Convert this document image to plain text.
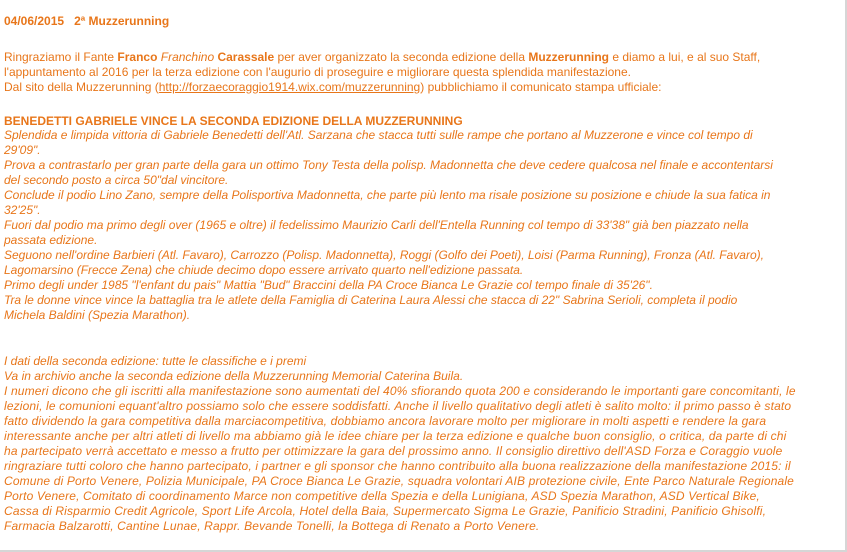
04/06/2015 2ª Muzzerunning
Ringraziamo il Fante Franco Franchino Carassale per aver organizzato la seconda edizione della Muzzerunning e diamo a lui, e al suo Staff,
l'appuntamento al 2016 per la terza edizione con l'augurio di proseguire e migliorare questa splendida manifestazione.
Dal sito della Muzzerunning (http://forzaecoraggio1914.wix.com/muzzerunning) pubblichiamo il comunicato stampa ufficiale:
BENEDETTI GABRIELE VINCE LA SECONDA EDIZIONE DELLA MUZZERUNNING

Splendida e limpida vittoria di Gabriele Benedetti dell'Atl. Sarzana che stacca tutti sulle rampe che portano al Muzzerone e vince col tempo di

29'09".

Prova a contrastarlo per gran parte della gara un ottimo Tony Testa della polisp. Madonnetta che deve cedere qualcosa nel finale e accontentarsi

del secondo posto a circa 50"dal vincitore.

Conclude il podio Lino Zano, sempre della Polisportiva Madonnetta, che parte più lento ma risale posizione su posizione e chiude la sua fatica in

32'25".

Fuori dal podio ma primo degli over (1965 e oltre) il fedelissimo Maurizio Carli dell'Entella Running col tempo di 33'38" già ben piazzato nella

passata edizione.

Seguono nell'ordine Barbieri (Atl. Favaro), Carrozzo (Polisp. Madonnetta), Roggi (Golfo dei Poeti), Loisi (Parma Running), Fronza (Atl. Favaro),

Lagomarsino (Frecce Zena) che chiude decimo dopo essere arrivato quarto nell'edizione passata.

Primo degli under 1985 "l'enfant du pais" Mattia "Bud" Braccini della PA Croce Bianca Le Grazie col tempo finale di 35'26".

Tra le donne vince vince la battaglia tra le atlete della Famiglia di Caterina Laura Alessi che stacca di 22" Sabrina Serioli, completa il podio

Michela Baldini (Spezia Marathon).

I dati della seconda edizione: tutte le classifiche e i premi

Va in archivio anche la seconda edizione della Muzzerunning Memorial Caterina Buila.

I numeri dicono che gli iscritti alla manifestazione sono aumentati del 40% sfiorando quota 200 e considerando le importanti gare concomitanti, le
lezioni, le comunioni equant'altro possiamo solo che essere soddisfatti. Anche il livello qualitativo degli atleti è salito molto: il primo passo è stato
fatto dividendo la gara competitiva dalla marciacompetitiva, dobbiamo ancora lavorare molto per migliorare in molti aspetti e rendere la gara
interessante anche per altri atleti di livello ma abbiamo già le idee chiare per la terza edizione e qualche buon consiglio, o critica, da parte di chi
ha partecipato verrà accettato e messo a frutto per ottimizzare la gara del prossimo anno. Il consiglio direttivo dell'ASD Forza e Coraggio vuole
ringraziare tutti coloro che hanno partecipato, i partner e gli sponsor che hanno contribuito alla buona realizzazione della manifestazione 2015: il
Comune di Porto Venere, Polizia Municipale, PA Croce Bianca Le Grazie, squadra volontari AIB protezione civile, Ente Parco Naturale Regionale
Porto Venere, Comitato di coordinamento Marce non competitive della Spezia e della Lunigiana, ASD Spezia Marathon, ASD Vertical Bike,
Cassa di Risparmio Credit Agricole, Sport Life Arcola, Hotel della Baia, Supermercato Sigma Le Grazie, Panificio Stradini, Panificio Ghisolfi,
Farmacia Balzarotti, Cantine Lunae, Rappr. Bevande Tonelli, la Bottega di Renato a Porto Venere.
